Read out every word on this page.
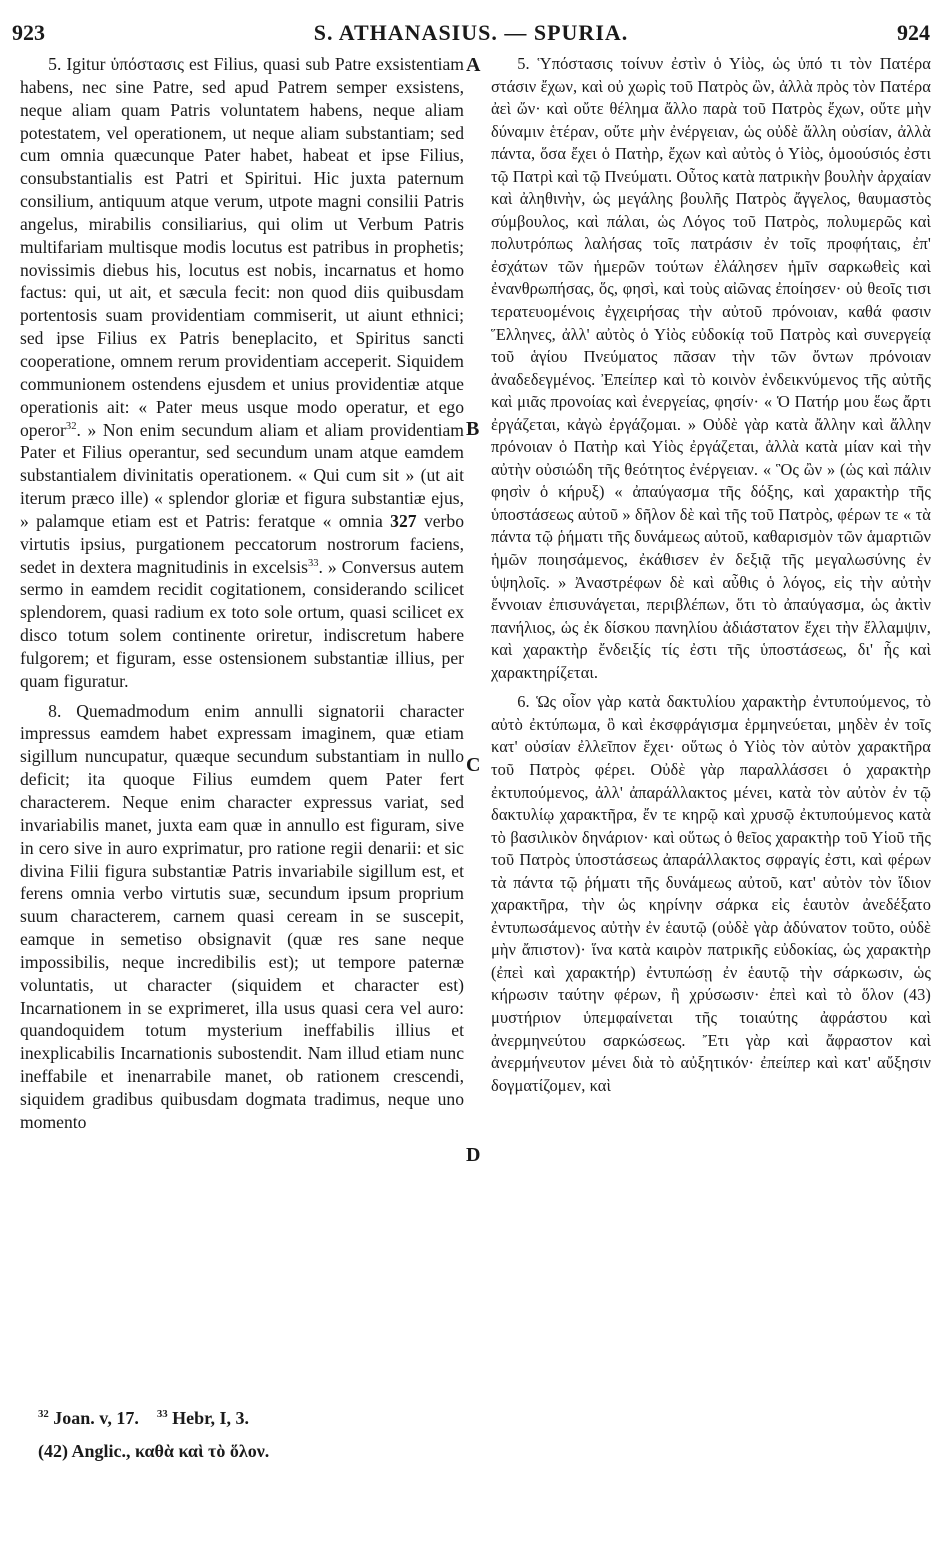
923	S. ATHANASIUS. — SPURIA.	924

5. Igitur ὑπόστασις est Filius, quasi sub Patre exsistentiam habens, nec sine Patre, sed apud Patrem semper exsistens, neque aliam quam Patris voluntatem habens, neque aliam potestatem, vel operationem, ut neque aliam substantiam; sed cum omnia quæcunque Pater habet, habeat et ipse Filius, consubstantialis est Patri et Spiritui. Hic juxta paternum consilium, antiquum atque verum, utpote magni consilii Patris angelus, mirabilis consiliarius, qui olim ut Verbum Patris multifariam multisque modis locutus est patribus in prophetis; novissimis diebus his, locutus est nobis, incarnatus et homo factus: qui, ut ait, et sæcula fecit: non quod diis quibusdam portentosis suam providentiam commiserit, ut aiunt ethnici; sed ipse Filius ex Patris beneplacito, et Spiritus sancti cooperatione, omnem rerum providentiam acceperit. Siquidem communionem ostendens ejusdem et unius providentiæ atque operationis ait: « Pater meus usque modo operatur, et ego operor$^{32}$. » Non enim secundum aliam et aliam providentiam Pater et Filius operantur, sed secundum unam atque eamdem substantialem divinitatis operationem. « Qui cum sit » (ut ait iterum præco ille) « splendor gloriæ et figura substantiæ ejus, » palamque etiam est et Patris: feratque « omnia 327 verbo virtutis ipsius, purgationem peccatorum nostrorum faciens, sedet in dextera magnitudinis in excelsis$^{33}$. » Conversus autem sermo in eamdem recidit cogitationem, considerando scilicet splendorem, quasi radium ex toto sole ortum, quasi scilicet ex disco totum solem continente oriretur, indiscretum habere fulgorem; et figuram, esse ostensionem substantiæ illius, per quam figuratur.

8. Quemadmodum enim annulli signatorii character impressus eamdem habet expressam imaginem, quæ etiam sigillum nuncupatur, quæque secundum substantiam in nullo deficit; ita quoque Filius eumdem quem Pater fert characterem. Neque enim character expressus variat, sed invariabilis manet, juxta eam quæ in annullo est figuram, sive in cero sive in auro exprimatur, pro ratione regii denarii: et sic divina Filii figura substantiæ Patris invariabile sigillum est, et ferens omnia verbo virtutis suæ, secundum ipsum proprium suum characterem, carnem quasi ceream in se suscepit, eamque in semetiso obsignavit (quæ res sane neque impossibilis, neque incredibilis est); ut tempore paternæ voluntatis, ut character (siquidem et character est) Incarnationem in se exprimeret, illa usus quasi cera vel auro: quandoquidem totum mysterium ineffabilis illius et inexplicabilis Incarnationis subostendit. Nam illud etiam nunc ineffabile et inenarrabile manet, ob rationem crescendi, siquidem gradibus quibusdam dogmata tradimus, neque uno momento

A
B
C
D

5. Ὑπόστασις τοίνυν ἐστὶν ὁ Υἱὸς, ὡς ὑπό τι τὸν Πατέρα στάσιν ἔχων, καὶ οὐ χωρὶς τοῦ Πατρὸς ὢν, ἀλλὰ πρὸς τὸν Πατέρα ἀεὶ ὤν· καὶ οὔτε θέλημα ἄλλο παρὰ τοῦ Πατρὸς ἔχων, οὔτε μὴν δύναμιν ἑτέραν, οὔτε μὴν ἐνέργειαν, ὡς οὐδὲ ἄλλη οὐσίαν, ἀλλὰ πάντα, ὅσα ἔχει ὁ Πατὴρ, ἔχων καὶ αὐτὸς ὁ Υἱὸς, ὁμοούσιός ἐστι τῷ Πατρὶ καὶ τῷ Πνεύματι. Οὗτος κατὰ πατρικὴν βουλὴν ἀρχαίαν καὶ ἀληθινὴν, ὡς μεγάλης βουλῆς Πατρὸς ἄγγελος, θαυμαστὸς σύμβουλος, καὶ πάλαι, ὡς Λόγος τοῦ Πατρὸς, πολυμερῶς καὶ πολυτρόπως λαλήσας τοῖς πατράσιν ἐν τοῖς προφήταις, ἐπ' ἐσχάτων τῶν ἡμερῶν τούτων ἐλάλησεν ἡμῖν σαρκωθεὶς καὶ ἐνανθρωπήσας, ὅς, φησὶ, καὶ τοὺς αἰῶνας ἐποίησεν· οὐ θεοῖς τισι τερατευομένοις ἐγχειρήσας τὴν αὐτοῦ πρόνοιαν, καθά φασιν Ἕλληνες, ἀλλ' αὐτὸς ὁ Υἱὸς εὐδοκίᾳ τοῦ Πατρὸς καὶ συνεργείᾳ τοῦ ἁγίου Πνεύματος πᾶσαν τὴν τῶν ὄντων πρόνοιαν ἀναδεδεγμένος. Ἐπείπερ καὶ τὸ κοινὸν ἐνδεικνύμενος τῆς αὐτῆς καὶ μιᾶς προνοίας καὶ ἐνεργείας, φησίν· « Ὁ Πατήρ μου ἕως ἄρτι ἐργάζεται, κἀγὼ ἐργάζομαι. » Οὐδὲ γὰρ κατὰ ἄλλην καὶ ἄλλην πρόνοιαν ὁ Πατὴρ καὶ Υἱὸς ἐργάζεται, ἀλλὰ κατὰ μίαν καὶ τὴν αὐτὴν οὐσιώδη τῆς θεότητος ἐνέργειαν. « Ὃς ὢν » (ὡς καὶ πάλιν φησὶν ὁ κήρυξ) « ἀπαύγασμα τῆς δόξης, καὶ χαρακτὴρ τῆς ὑποστάσεως αὐτοῦ » δῆλον δὲ καὶ τῆς τοῦ Πατρὸς, φέρων τε « τὰ πάντα τῷ ῥήματι τῆς δυνάμεως αὐτοῦ, καθαρισμὸν τῶν ἁμαρτιῶν ἡμῶν ποιησάμενος, ἐκάθισεν ἐν δεξιᾷ τῆς μεγαλωσύνης ἐν ὑψηλοῖς. » Ἀναστρέφων δὲ καὶ αὖθις ὁ λόγος, εἰς τὴν αὐτὴν ἔννοιαν ἐπισυνάγεται, περιβλέπων, ὅτι τὸ ἀπαύγασμα, ὡς ἀκτὶν πανήλιος, ὡς ἐκ δίσκου πανηλίου ἀδιάστατον ἔχει τὴν ἔλλαμψιν, καὶ χαρακτὴρ ἔνδειξίς τίς ἐστι τῆς ὑποστάσεως, δι' ἧς καὶ χαρακτηρίζεται.

6. Ὡς οἷον γὰρ κατὰ δακτυλίου χαρακτὴρ ἐντυπούμενος, τὸ αὐτὸ ἐκτύπωμα, ὃ καὶ ἐκσφράγισμα ἑρμηνεύεται, μηδὲν ἐν τοῖς κατ' οὐσίαν ἐλλεῖπον ἔχει· οὕτως ὁ Υἱὸς τὸν αὐτὸν χαρακτῆρα τοῦ Πατρὸς φέρει. Οὐδὲ γὰρ παραλλάσσει ὁ χαρακτὴρ ἐκτυπούμενος, ἀλλ' ἀπαράλλακτος μένει, κατὰ τὸν αὐτὸν ἐν τῷ δακτυλίῳ χαρακτῆρα, ἔν τε κηρῷ καὶ χρυσῷ ἐκτυπούμενος κατὰ τὸ βασιλικὸν δηνάριον· καὶ οὕτως ὁ θεῖος χαρακτὴρ τοῦ Υἱοῦ τῆς τοῦ Πατρὸς ὑποστάσεως ἀπαράλλακτος σφραγίς ἐστι, καὶ φέρων τὰ πάντα τῷ ῥήματι τῆς δυνάμεως αὐτοῦ, κατ' αὐτὸν τὸν ἴδιον χαρακτῆρα, τὴν ὡς κηρίνην σάρκα εἰς ἑαυτὸν ἀνεδέξατο ἐντυπωσάμενος αὐτὴν ἐν ἑαυτῷ (οὐδὲ γὰρ ἀδύνατον τοῦτο, οὐδὲ μὴν ἄπιστον)· ἵνα κατὰ καιρὸν πατρικῆς εὐδοκίας, ὡς χαρακτὴρ (ἐπεὶ καὶ χαρακτήρ) ἐντυπώσῃ ἐν ἑαυτῷ τὴν σάρκωσιν, ὡς κήρωσιν ταύτην φέρων, ἢ χρύσωσιν· ἐπεὶ καὶ τὸ ὅλον (43) μυστήριον ὑπεμφαίνεται τῆς τοιαύτης ἀφράστου καὶ ἀνερμηνεύτου σαρκώσεως. Ἔτι γὰρ καὶ ἄφραστον καὶ ἀνερμήνευτον μένει διὰ τὸ αὐξητικόν· ἐπείπερ καὶ κατ' αὔξησιν δογματίζομεν, καὶ

$^{32}$ Joan. v, 17. $^{33}$ Hebr, I, 3.
(42) Anglic., καθὰ καὶ τὸ ὅλον.
